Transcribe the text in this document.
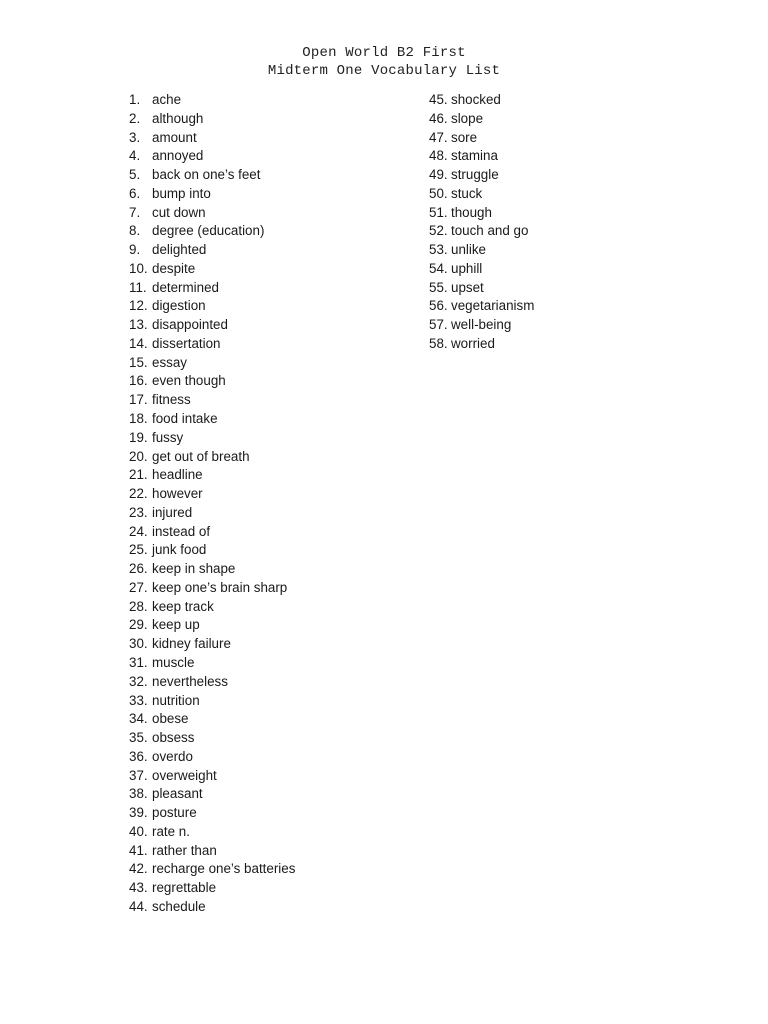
Open World B2 First
Midterm One Vocabulary List
1. ache
2. although
3. amount
4. annoyed
5. back on one’s feet
6. bump into
7. cut down
8. degree (education)
9. delighted
10. despite
11. determined
12. digestion
13. disappointed
14. dissertation
15. essay
16. even though
17. fitness
18. food intake
19. fussy
20. get out of breath
21. headline
22. however
23. injured
24. instead of
25. junk food
26. keep in shape
27. keep one’s brain sharp
28. keep track
29. keep up
30. kidney failure
31. muscle
32. nevertheless
33. nutrition
34. obese
35. obsess
36. overdo
37. overweight
38. pleasant
39. posture
40. rate n.
41. rather than
42. recharge one’s batteries
43. regrettable
44. schedule
45. shocked
46. slope
47. sore
48. stamina
49. struggle
50. stuck
51. though
52. touch and go
53. unlike
54. uphill
55. upset
56. vegetarianism
57. well-being
58. worried
